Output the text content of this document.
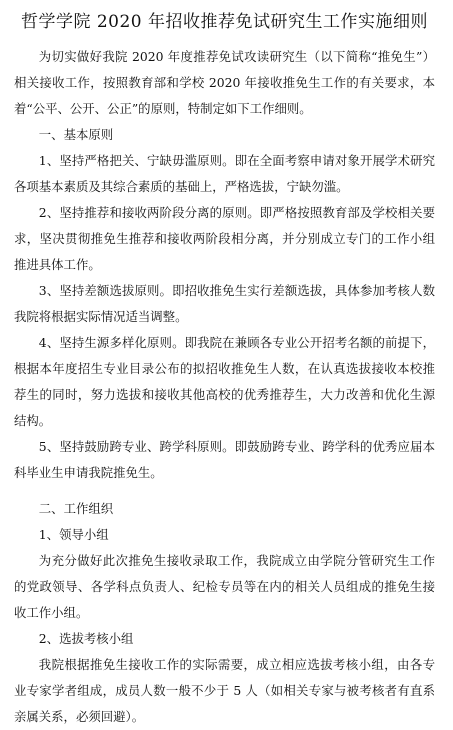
哲学学院 2020 年招收推荐免试研究生工作实施细则

为切实做好我院 2020 年度推荐免试攻读研究生（以下简称“推免生”）相关接收工作，按照教育部和学校 2020 年接收推免生工作的有关要求，本着“公平、公开、公正”的原则，特制定如下工作细则。

一、基本原则

1、坚持严格把关、宁缺毋滥原则。即在全面考察申请对象开展学术研究各项基本素质及其综合素质的基础上，严格选拔，宁缺勿滥。

2、坚持推荐和接收两阶段分离的原则。即严格按照教育部及学校相关要求，坚决贯彻推免生推荐和接收两阶段相分离，并分别成立专门的工作小组推进具体工作。

3、坚持差额选拔原则。即招收推免生实行差额选拔，具体参加考核人数我院将根据实际情况适当调整。

4、坚持生源多样化原则。即我院在兼顾各专业公开招考名额的前提下，根据本年度招生专业目录公布的拟招收推免生人数，在认真选拔接收本校推荐生的同时，努力选拔和接收其他高校的优秀推荐生，大力改善和优化生源结构。

5、坚持鼓励跨专业、跨学科原则。即鼓励跨专业、跨学科的优秀应届本科毕业生申请我院推免生。

二、工作组织

1、领导小组

为充分做好此次推免生接收录取工作，我院成立由学院分管研究生工作的党政领导、各学科点负责人、纪检专员等在内的相关人员组成的推免生接收工作小组。

2、选拔考核小组

我院根据推免生接收工作的实际需要，成立相应选拔考核小组，由各专业专家学者组成，成员人数一般不少于 5 人（如相关专家与被考核者有直系亲属关系，必须回避）。
